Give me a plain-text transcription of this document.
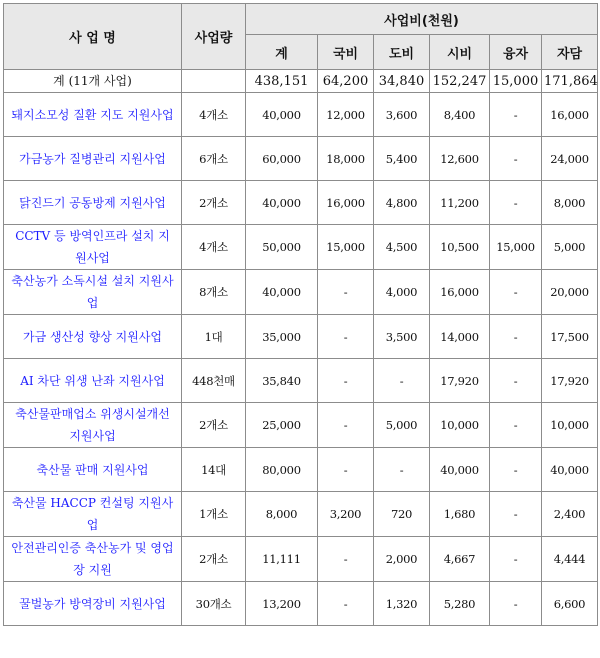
사 업 명	사업량	사업비(천원)					
		계	국비	도비	시비	융자	자담
계 (11개 사업)		438,151	64,200	34,840	152,247	15,000	171,864
돼지소모성 질환 지도 지원사업	4개소	40,000	12,000	3,600	8,400	-	16,000
가금농가 질병관리 지원사업	6개소	60,000	18,000	5,400	12,600	-	24,000
닭진드기 공동방제 지원사업	2개소	40,000	16,000	4,800	11,200	-	8,000
CCTV 등 방역인프라 설치 지원사업	4개소	50,000	15,000	4,500	10,500	15,000	5,000
축산농가 소독시설 설치 지원사업	8개소	40,000	-	4,000	16,000	-	20,000
가금 생산성 향상 지원사업	1대	35,000	-	3,500	14,000	-	17,500
AI 차단 위생 난좌 지원사업	448천매	35,840	-	-	17,920	-	17,920
축산물판매업소 위생시설개선 지원사업	2개소	25,000	-	5,000	10,000	-	10,000
축산물 판매 지원사업	14대	80,000	-	-	40,000	-	40,000
축산물 HACCP 컨설팅 지원사업	1개소	8,000	3,200	720	1,680	-	2,400
안전관리인증 축산농가 및 영업장 지원	2개소	11,111	-	2,000	4,667	-	4,444
꿀벌농가 방역장비 지원사업	30개소	13,200	-	1,320	5,280	-	6,600
